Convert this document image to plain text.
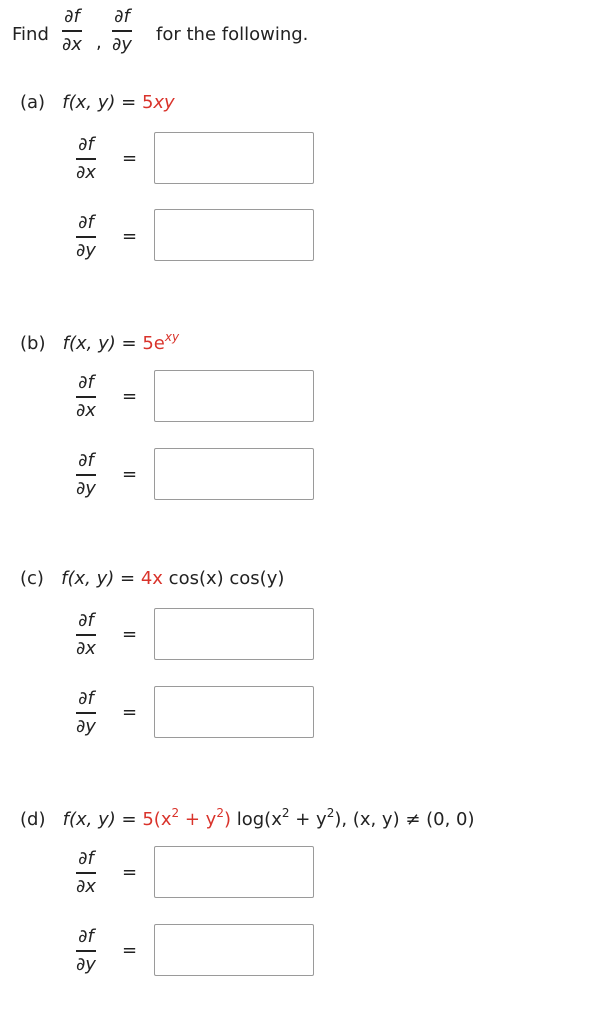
Find
∂f
∂x ,
∂f
∂y for the following.
(a) f(x, y) = 5xy
∂f
∂x
=
∂f
∂y
=
(b) f(x, $y) = 5e^{xy}$
∂f
∂x
=
∂f
∂y
=
(c) f(x, y) = 4x cos(x) cos(y)
∂f
∂x
=
∂f
∂y
=
(d) f(x, $y) = 5(x^2 + y^2) \log(x^2 + y^2)$, (x, y) ≠ (0, 0)
∂f
∂x
=
∂f
∂y
=
